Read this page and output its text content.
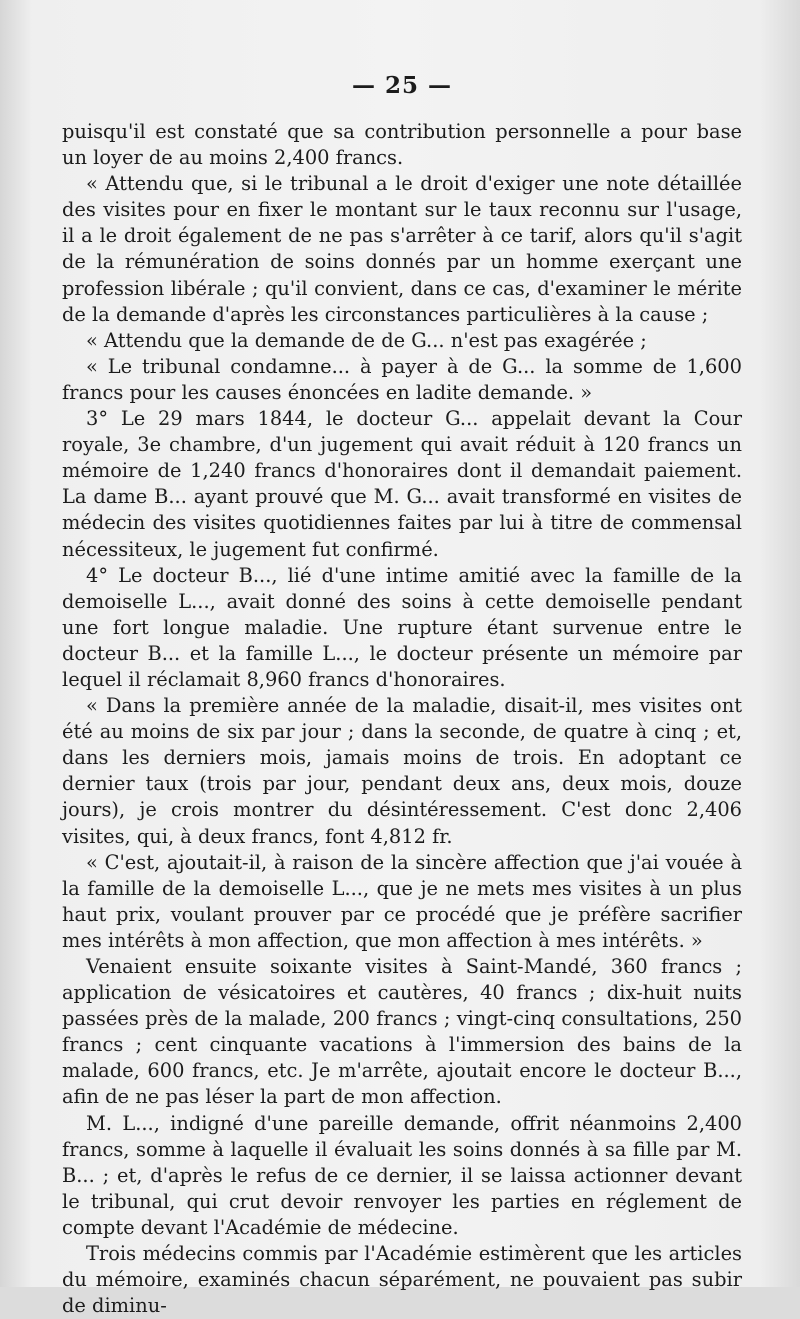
— 25 —

puisqu'il est constaté que sa contribution personnelle a pour base un loyer de au moins 2,400 francs.

« Attendu que, si le tribunal a le droit d'exiger une note détaillée des visites pour en fixer le montant sur le taux reconnu sur l'usage, il a le droit également de ne pas s'arrêter à ce tarif, alors qu'il s'agit de la rémunération de soins donnés par un homme exerçant une profession libérale ; qu'il convient, dans ce cas, d'examiner le mérite de la demande d'après les circonstances particulières à la cause ;

« Attendu que la demande de de G... n'est pas exagérée ;

« Le tribunal condamne... à payer à de G... la somme de 1,600 francs pour les causes énoncées en ladite demande. »

3° Le 29 mars 1844, le docteur G... appelait devant la Cour royale, 3e chambre, d'un jugement qui avait réduit à 120 francs un mémoire de 1,240 francs d'honoraires dont il demandait paiement. La dame B... ayant prouvé que M. G... avait transformé en visites de médecin des visites quotidiennes faites par lui à titre de commensal nécessiteux, le jugement fut confirmé.

4° Le docteur B..., lié d'une intime amitié avec la famille de la demoiselle L..., avait donné des soins à cette demoiselle pendant une fort longue maladie. Une rupture étant survenue entre le docteur B... et la famille L..., le docteur présente un mémoire par lequel il réclamait 8,960 francs d'honoraires.

« Dans la première année de la maladie, disait-il, mes visites ont été au moins de six par jour ; dans la seconde, de quatre à cinq ; et, dans les derniers mois, jamais moins de trois. En adoptant ce dernier taux (trois par jour, pendant deux ans, deux mois, douze jours), je crois montrer du désintéressement. C'est donc 2,406 visites, qui, à deux francs, font 4,812 fr.

« C'est, ajoutait-il, à raison de la sincère affection que j'ai vouée à la famille de la demoiselle L..., que je ne mets mes visites à un plus haut prix, voulant prouver par ce procédé que je préfère sacrifier mes intérêts à mon affection, que mon affection à mes intérêts. »

Venaient ensuite soixante visites à Saint-Mandé, 360 francs ; application de vésicatoires et cautères, 40 francs ; dix-huit nuits passées près de la malade, 200 francs ; vingt-cinq consultations, 250 francs ; cent cinquante vacations à l'immersion des bains de la malade, 600 francs, etc. Je m'arrête, ajoutait encore le docteur B..., afin de ne pas léser la part de mon affection.

M. L..., indigné d'une pareille demande, offrit néanmoins 2,400 francs, somme à laquelle il évaluait les soins donnés à sa fille par M. B... ; et, d'après le refus de ce dernier, il se laissa actionner devant le tribunal, qui crut devoir renvoyer les parties en réglement de compte devant l'Académie de médecine.

Trois médecins commis par l'Académie estimèrent que les articles du mémoire, examinés chacun séparément, ne pouvaient pas subir de diminu-
